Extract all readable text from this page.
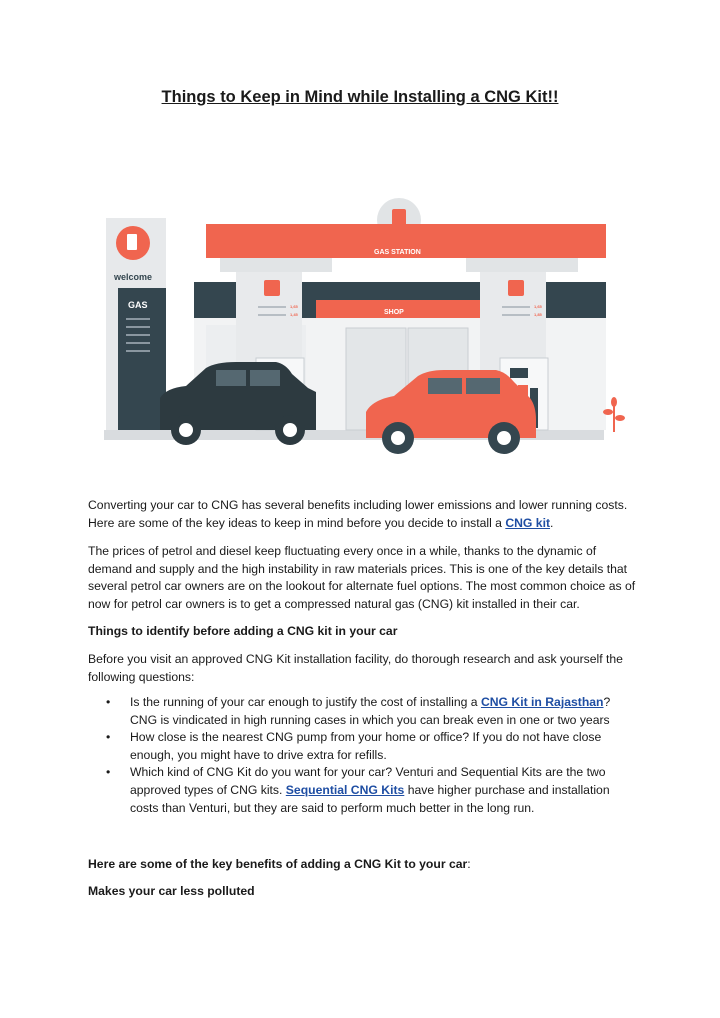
Things to Keep in Mind while Installing a CNG Kit!!
welcome
GAS
GAS STATION
SHOP
1,65
1,45
1,65
1,85

Converting your car to CNG has several benefits including lower emissions and lower running costs. Here are some of the key ideas to keep in mind before you decide to install a CNG kit.

The prices of petrol and diesel keep fluctuating every once in a while, thanks to the dynamic of demand and supply and the high instability in raw materials prices. This is one of the key details that several petrol car owners are on the lookout for alternate fuel options. The most common choice as of now for petrol car owners is to get a compressed natural gas (CNG) kit installed in their car.

Things to identify before adding a CNG kit in your car

Before you visit an approved CNG Kit installation facility, do thorough research and ask yourself the following questions:

• Is the running of your car enough to justify the cost of installing a CNG Kit in Rajasthan? CNG is vindicated in high running cases in which you can break even in one or two years
• How close is the nearest CNG pump from your home or office? If you do not have close enough, you might have to drive extra for refills.
• Which kind of CNG Kit do you want for your car? Venturi and Sequential Kits are the two approved types of CNG kits. Sequential CNG Kits have higher purchase and installation costs than Venturi, but they are said to perform much better in the long run.

Here are some of the key benefits of adding a CNG Kit to your car:

Makes your car less polluted
